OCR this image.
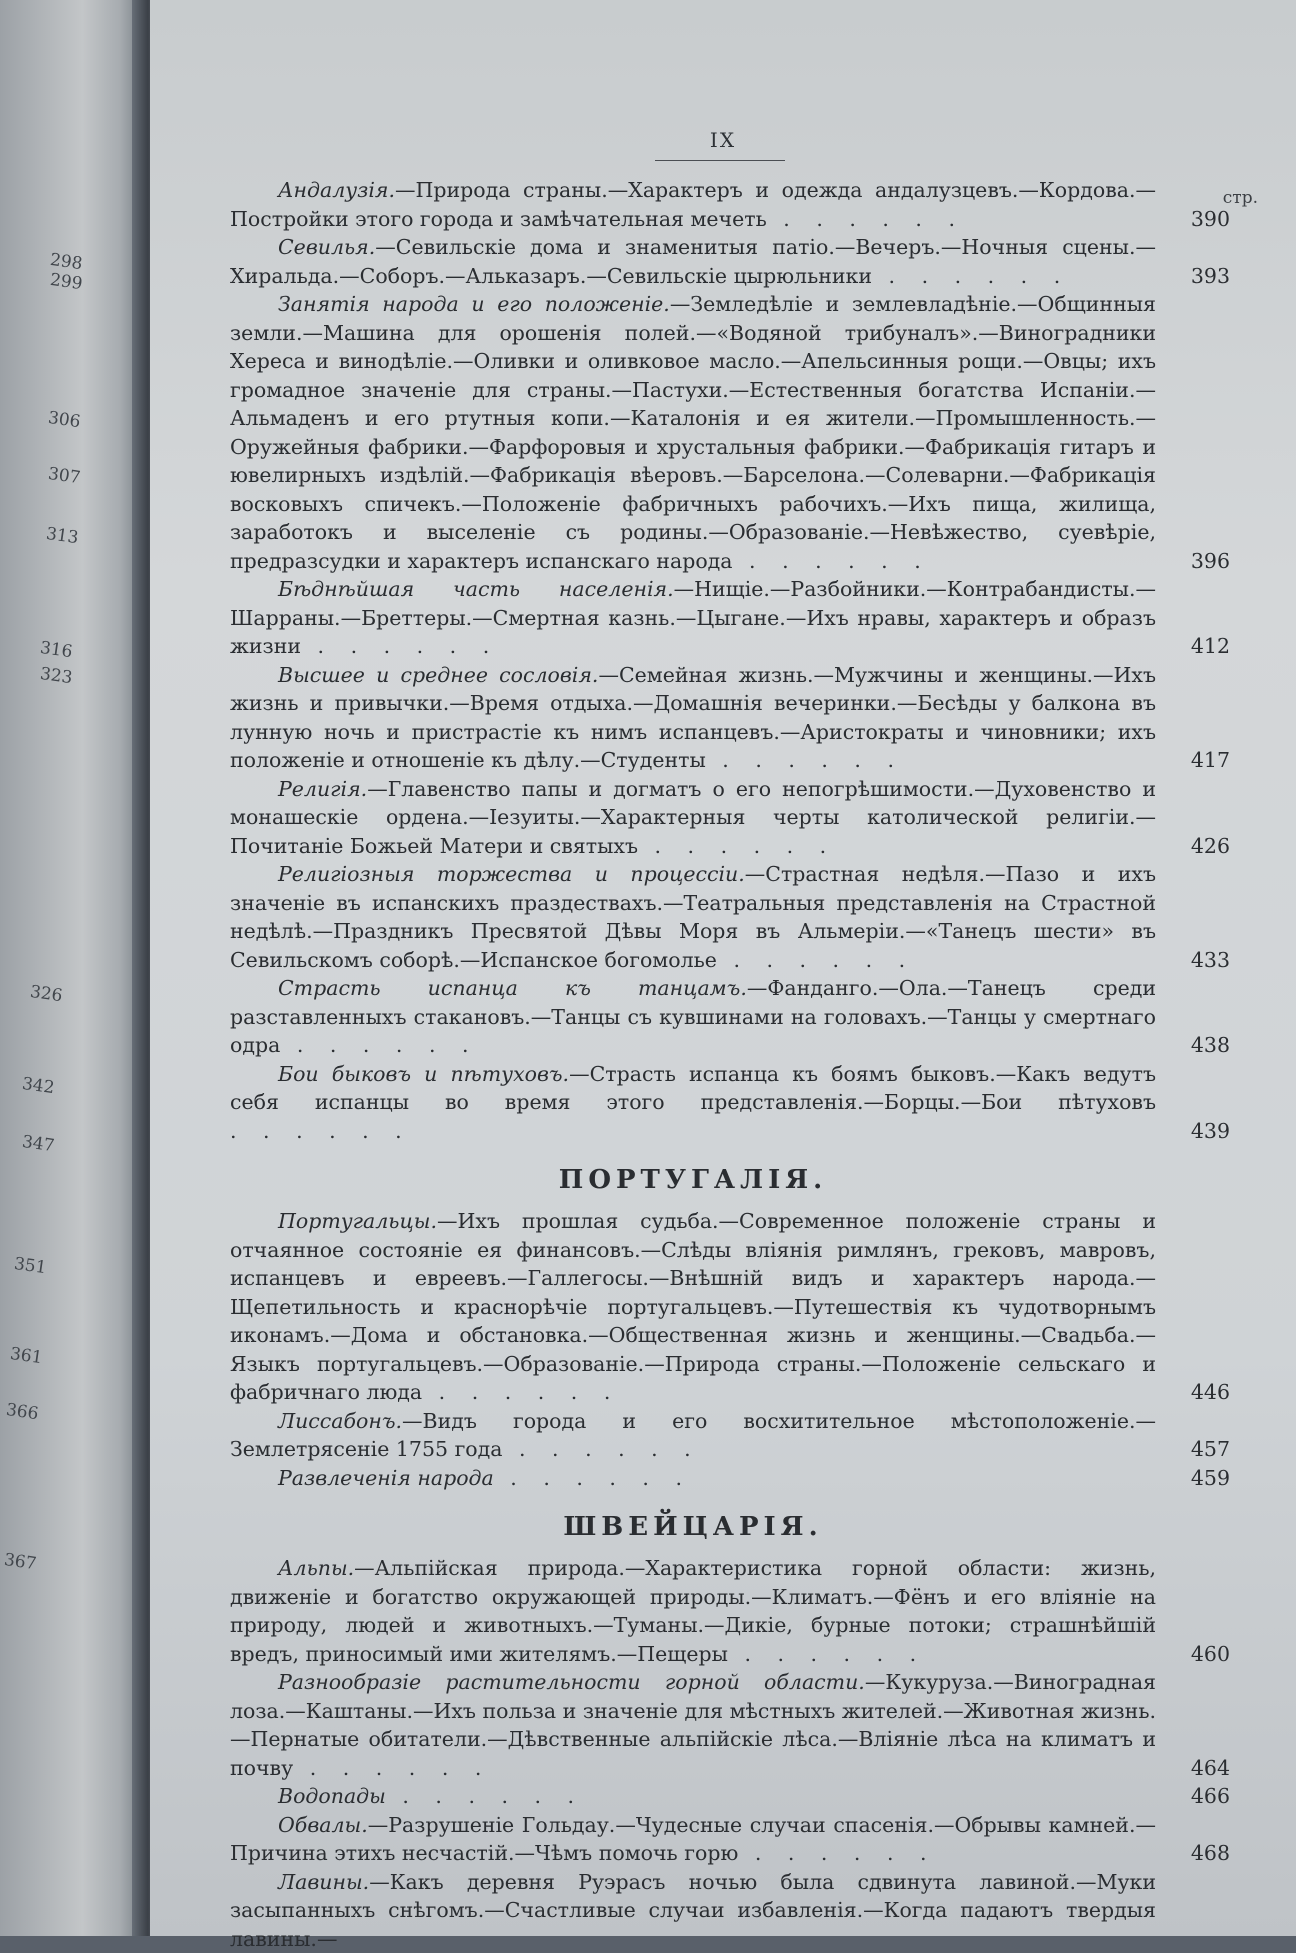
298
299
306
307
313
316
323
326
342
347
351
361
366
367
IX
стр.
Андалузія.—Природа страны.—Характеръ и одежда андалузцевъ.—Кордова.—Постройки этого города и замѣчательная мечеть . . . . . .	390
Севилья.—Севильскіе дома и знаменитыя патіо.—Вечеръ.—Ночныя сцены.—Хиральда.—Соборъ.—Альказаръ.—Севильскіе цырюльники . . . . . .	393
Занятія народа и его положеніе.—Земледѣліе и землевладѣніе.—Общинныя земли.—Машина для орошенія полей.—«Водяной трибуналъ».—Виноградники Хереса и винодѣліе.—Оливки и оливковое масло.—Апельсинныя рощи.—Овцы; ихъ громадное значеніе для страны.—Пастухи.—Естественныя богатства Испаніи.—Альмаденъ и его ртутныя копи.—Каталонія и ея жители.—Промышленность.—Оружейныя фабрики.—Фарфоровыя и хрустальныя фабрики.—Фабрикація гитаръ и ювелирныхъ издѣлій.—Фабрикація вѣеровъ.—Барселона.—Солеварни.—Фабрикація восковыхъ спичекъ.—Положеніе фабричныхъ рабочихъ.—Ихъ пища, жилища, заработокъ и выселеніе съ родины.—Образованіе.—Невѣжество, суевѣріе, предразсудки и характеръ испанскаго народа . . . . . .	396
Бѣднѣйшая часть населенія.—Нищіе.—Разбойники.—Контрабандисты.—Шарраны.—Бреттеры.—Смертная казнь.—Цыгане.—Ихъ нравы, характеръ и образъ жизни . . . . . .	412
Высшее и среднее сословія.—Семейная жизнь.—Мужчины и женщины.—Ихъ жизнь и привычки.—Время отдыха.—Домашнія вечеринки.—Бесѣды у балкона въ лунную ночь и пристрастіе къ нимъ испанцевъ.—Аристократы и чиновники; ихъ положеніе и отношеніе къ дѣлу.—Студенты . . . . . .	417
Религія.—Главенство папы и догматъ о его непогрѣшимости.—Духовенство и монашескіе ордена.—Іезуиты.—Характерныя черты католической религіи.—Почитаніе Божьей Матери и святыхъ . . . . . .	426
Религіозныя торжества и процессіи.—Страстная недѣля.—Пазо и ихъ значеніе въ испанскихъ праздествахъ.—Театральныя представленія на Страстной недѣлѣ.—Праздникъ Пресвятой Дѣвы Моря въ Альмеріи.—«Танецъ шести» въ Севильскомъ соборѣ.—Испанское богомолье . . . . . .	433
Страсть испанца къ танцамъ.—Фанданго.—Ола.—Танецъ среди разставленныхъ стакановъ.—Танцы съ кувшинами на головахъ.—Танцы у смертнаго одра . . . . . .	438
Бои быковъ и пѣтуховъ.—Страсть испанца къ боямъ быковъ.—Какъ ведутъ себя испанцы во время этого представленія.—Борцы.—Бои пѣтуховъ . . . . . .	439
ПОРТУГАЛІЯ.
Португальцы.—Ихъ прошлая судьба.—Современное положеніе страны и отчаянное состояніе ея финансовъ.—Слѣды вліянія римлянъ, грековъ, мавровъ, испанцевъ и евреевъ.—Галлегосы.—Внѣшній видъ и характеръ народа.—Щепетильность и краснорѣчіе португальцевъ.—Путешествія къ чудотворнымъ иконамъ.—Дома и обстановка.—Общественная жизнь и женщины.—Свадьба.—Языкъ португальцевъ.—Образованіе.—Природа страны.—Положеніе сельскаго и фабричнаго люда . . . . . .	446
Лиссабонъ.—Видъ города и его восхитительное мѣстоположеніе.—Землетрясеніе 1755 года . . . . . .	457
Развлеченія народа . . . . . .	459
ШВЕЙЦАРІЯ.
Альпы.—Альпійская природа.—Характеристика горной области: жизнь, движеніе и богатство окружающей природы.—Климатъ.—Фёнъ и его вліяніе на природу, людей и животныхъ.—Туманы.—Дикіе, бурные потоки; страшнѣйшій вредъ, приносимый ими жителямъ.—Пещеры . . . . . .	460
Разнообразіе растительности горной области.—Кукуруза.—Виноградная лоза.—Каштаны.—Ихъ польза и значеніе для мѣстныхъ жителей.—Животная жизнь.—Пернатые обитатели.—Дѣвственные альпійскіе лѣса.—Вліяніе лѣса на климатъ и почву . . . . . .	464
Водопады . . . . . .	466
Обвалы.—Разрушеніе Гольдау.—Чудесные случаи спасенія.—Обрывы камней.—Причина этихъ несчастій.—Чѣмъ помочь горю . . . . . .	468
Лавины.—Какъ деревня Руэрасъ ночью была сдвинута лавиной.—Муки засыпанныхъ снѣгомъ.—Счастливые случаи избавленія.—Когда падаютъ твердыя лавины.—
